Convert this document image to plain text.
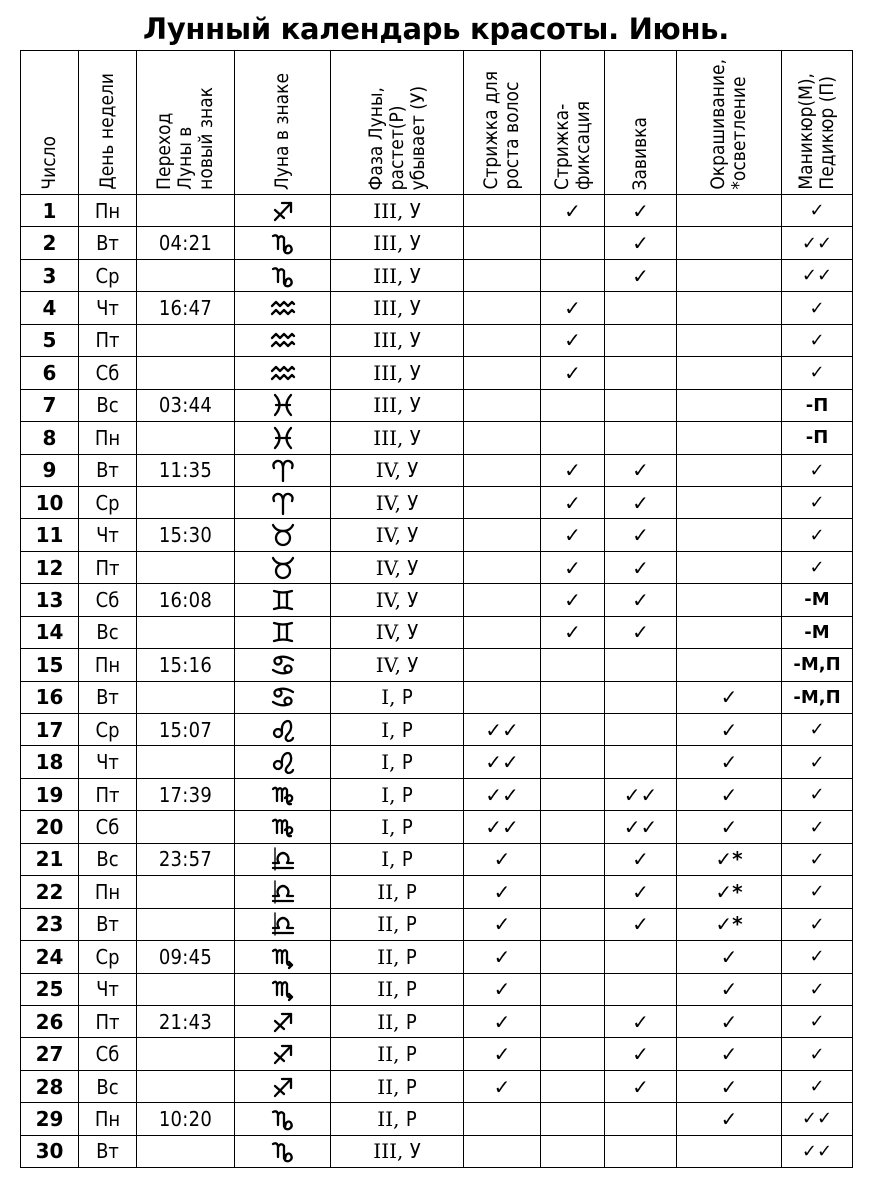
Лунный календарь красоты. Июнь.
Число	День недели	Переход
Луны в
новый знак	Луна в знаке	Фаза Луны,
растет(Р)
убывает (У)	Стрижка для
роста волос	Стрижка-
фиксация	Завивка	Окрашивание,
*осветление	Маникюр(М),
Педикюр (П)

1	Пн			III, У		✓	✓		✓
2	Вт	04:21		III, У			✓		✓✓
3	Ср			III, У			✓		✓✓
4	Чт	16:47		III, У		✓			✓
5	Пт			III, У		✓			✓
6	Сб			III, У		✓			✓
7	Вс	03:44		III, У					-П
8	Пн			III, У					-П
9	Вт	11:35		IV, У		✓	✓		✓
10	Ср			IV, У		✓	✓		✓
11	Чт	15:30		IV, У		✓	✓		✓
12	Пт			IV, У		✓	✓		✓
13	Сб	16:08		IV, У		✓	✓		-М
14	Вс			IV, У		✓	✓		-М
15	Пн	15:16		IV, У					-М,П
16	Вт			I, Р				✓	-М,П
17	Ср	15:07		I, Р	✓✓			✓	✓
18	Чт			I, Р	✓✓			✓	✓
19	Пт	17:39		I, Р	✓✓		✓✓	✓	✓
20	Сб			I, Р	✓✓		✓✓	✓	✓
21	Вс	23:57		I, Р	✓		✓	✓*	✓
22	Пн			II, Р	✓		✓	✓*	✓
23	Вт			II, Р	✓		✓	✓*	✓
24	Ср	09:45		II, Р	✓			✓	✓
25	Чт			II, Р	✓			✓	✓
26	Пт	21:43		II, Р	✓		✓	✓	✓
27	Сб			II, Р	✓		✓	✓	✓
28	Вс			II, Р	✓		✓	✓	✓
29	Пн	10:20		II, Р				✓	✓✓
30	Вт			III, У					✓✓
